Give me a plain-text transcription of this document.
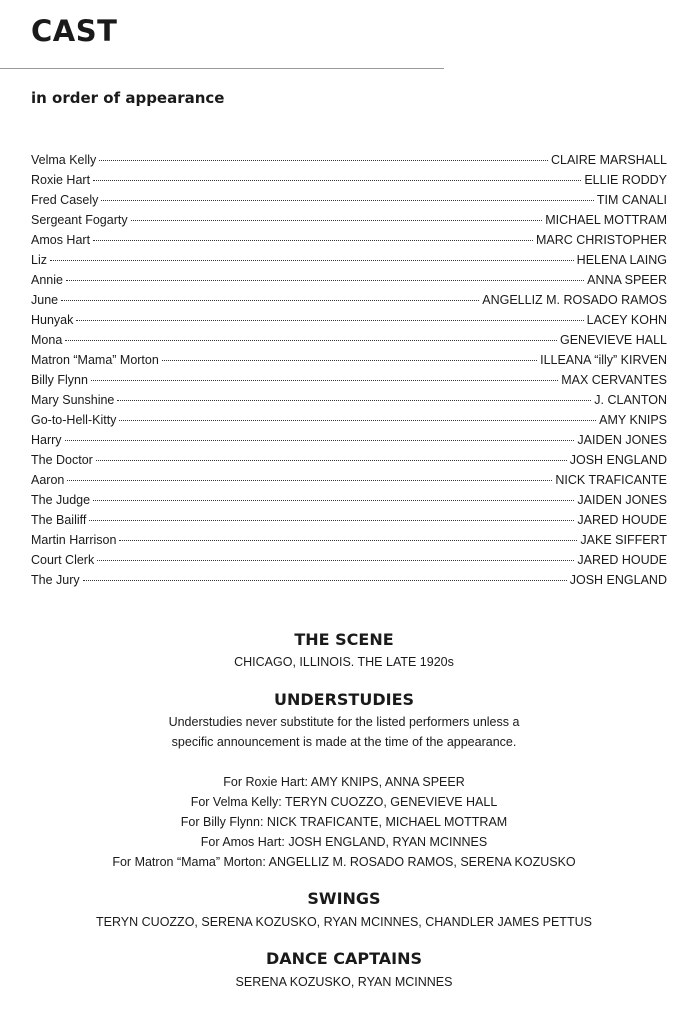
CAST
in order of appearance
Velma Kelly	CLAIRE MARSHALL
Roxie Hart	ELLIE RODDY
Fred Casely	TIM CANALI
Sergeant Fogarty	MICHAEL MOTTRAM
Amos Hart	MARC CHRISTOPHER
Liz	HELENA LAING
Annie	ANNA SPEER
June	ANGELLIZ M. ROSADO RAMOS
Hunyak	LACEY KOHN
Mona	GENEVIEVE HALL
Matron “Mama” Morton	ILLEANA “illy” KIRVEN
Billy Flynn	MAX CERVANTES
Mary Sunshine	J. CLANTON
Go-to-Hell-Kitty	AMY KNIPS
Harry	JAIDEN JONES
The Doctor	JOSH ENGLAND
Aaron	NICK TRAFICANTE
The Judge	JAIDEN JONES
The Bailiff	JARED HOUDE
Martin Harrison	JAKE SIFFERT
Court Clerk	JARED HOUDE
The Jury	JOSH ENGLAND
THE SCENE

CHICAGO, ILLINOIS. THE LATE 1920s

UNDERSTUDIES

Understudies never substitute for the listed performers unless a

specific announcement is made at the time of the appearance.

For Roxie Hart: AMY KNIPS, ANNA SPEER
For Velma Kelly: TERYN CUOZZO, GENEVIEVE HALL
For Billy Flynn: NICK TRAFICANTE, MICHAEL MOTTRAM
For Amos Hart: JOSH ENGLAND, RYAN MCINNES
For Matron “Mama” Morton: ANGELLIZ M. ROSADO RAMOS, SERENA KOZUSKO
SWINGS

TERYN CUOZZO, SERENA KOZUSKO, RYAN MCINNES, CHANDLER JAMES PETTUS

DANCE CAPTAINS

SERENA KOZUSKO, RYAN MCINNES
